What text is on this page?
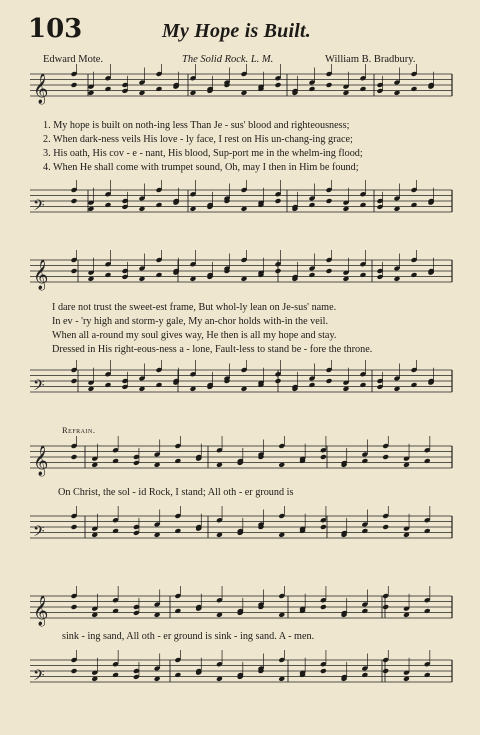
103	My Hope is Built.
Edward Mote.	The Solid Rock. L. M.	William B. Bradbury.
𝄞
1. My hope is built on noth-ing less Than Je - sus' blood and righteousness;
2. When dark-ness veils His love - ly face, I rest on His un-chang-ing grace;
3. His oath, His cov - e - nant, His blood, Sup-port me in the whelm-ing flood;
4. When He shall come with trumpet sound, Oh, may I then in Him be found;
𝄢
𝄞
I dare not trust the sweet-est frame, But whol-ly lean on Je-sus' name.
In ev - 'ry high and storm-y gale, My an-chor holds with-in the veil.
When all a-round my soul gives way, He then is all my hope and stay.
Dressed in His right-eous-ness a - lone, Fault-less to stand be - fore the throne.
𝄢
Refrain.
𝄞
On Christ, the sol - id Rock, I stand; All oth - er ground is
𝄢
𝄞
sink - ing sand, All oth - er ground is sink - ing sand. A - men.
𝄢
